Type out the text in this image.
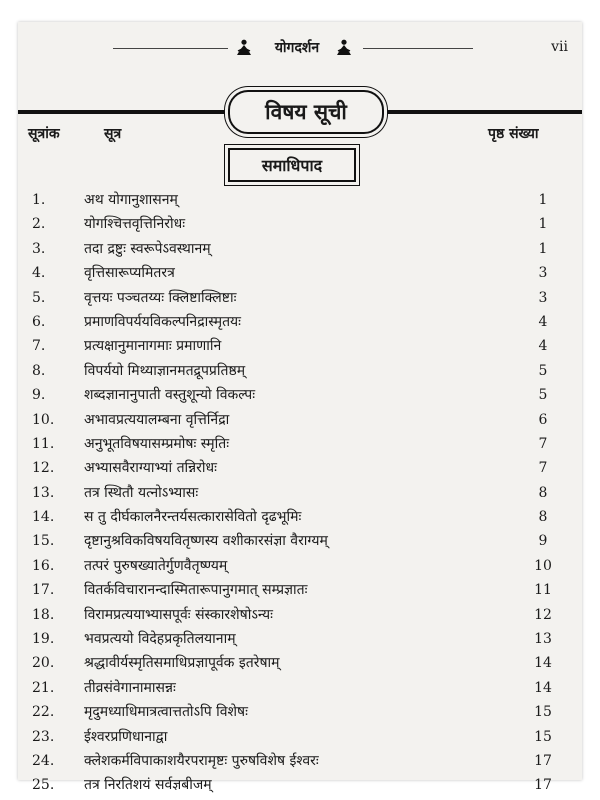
योगदर्शन	vii
विषय सूची
सूत्रांक	सूत्र	पृष्ठ संख्या
समाधिपाद
1.	अथ योगानुशासनम्	1
2.	योगश्चित्तवृत्तिनिरोधः	1
3.	तदा द्रष्टुः स्वरूपेऽवस्थानम्	1
4.	वृत्तिसारूप्यमितरत्र	3
5.	वृत्तयः पञ्चतय्यः क्लिष्टाक्लिष्टाः	3
6.	प्रमाणविपर्ययविकल्पनिद्रास्मृतयः	4
7.	प्रत्यक्षानुमानागमाः प्रमाणानि	4
8.	विपर्ययो मिथ्याज्ञानमतद्रूपप्रतिष्ठम्	5
9.	शब्दज्ञानानुपाती वस्तुशून्यो विकल्पः	5
10.	अभावप्रत्ययालम्बना वृत्तिर्निद्रा	6
11.	अनुभूतविषयासम्प्रमोषः स्मृतिः	7
12.	अभ्यासवैराग्याभ्यां तन्निरोधः	7
13.	तत्र स्थितौ यत्नोऽभ्यासः	8
14.	स तु दीर्घकालनैरन्तर्यसत्कारासेवितो दृढभूमिः	8
15.	दृष्टानुश्रविकविषयवितृष्णस्य वशीकारसंज्ञा वैराग्यम्	9
16.	तत्परं पुरुषख्यातेर्गुणवैतृष्ण्यम्	10
17.	वितर्कविचारानन्दास्मितारूपानुगमात् सम्प्रज्ञातः	11
18.	विरामप्रत्ययाभ्यासपूर्वः संस्कारशेषोऽन्यः	12
19.	भवप्रत्ययो विदेहप्रकृतिलयानाम्	13
20.	श्रद्धावीर्यस्मृतिसमाधिप्रज्ञापूर्वक इतरेषाम्	14
21.	तीव्रसंवेगानामासन्नः	14
22.	मृदुमध्याधिमात्रत्वात्ततोऽपि विशेषः	15
23.	ईश्वरप्रणिधानाद्वा	15
24.	क्लेशकर्मविपाकाशयैरपरामृष्टः पुरुषविशेष ईश्वरः	17
25.	तत्र निरतिशयं सर्वज्ञबीजम्	17
